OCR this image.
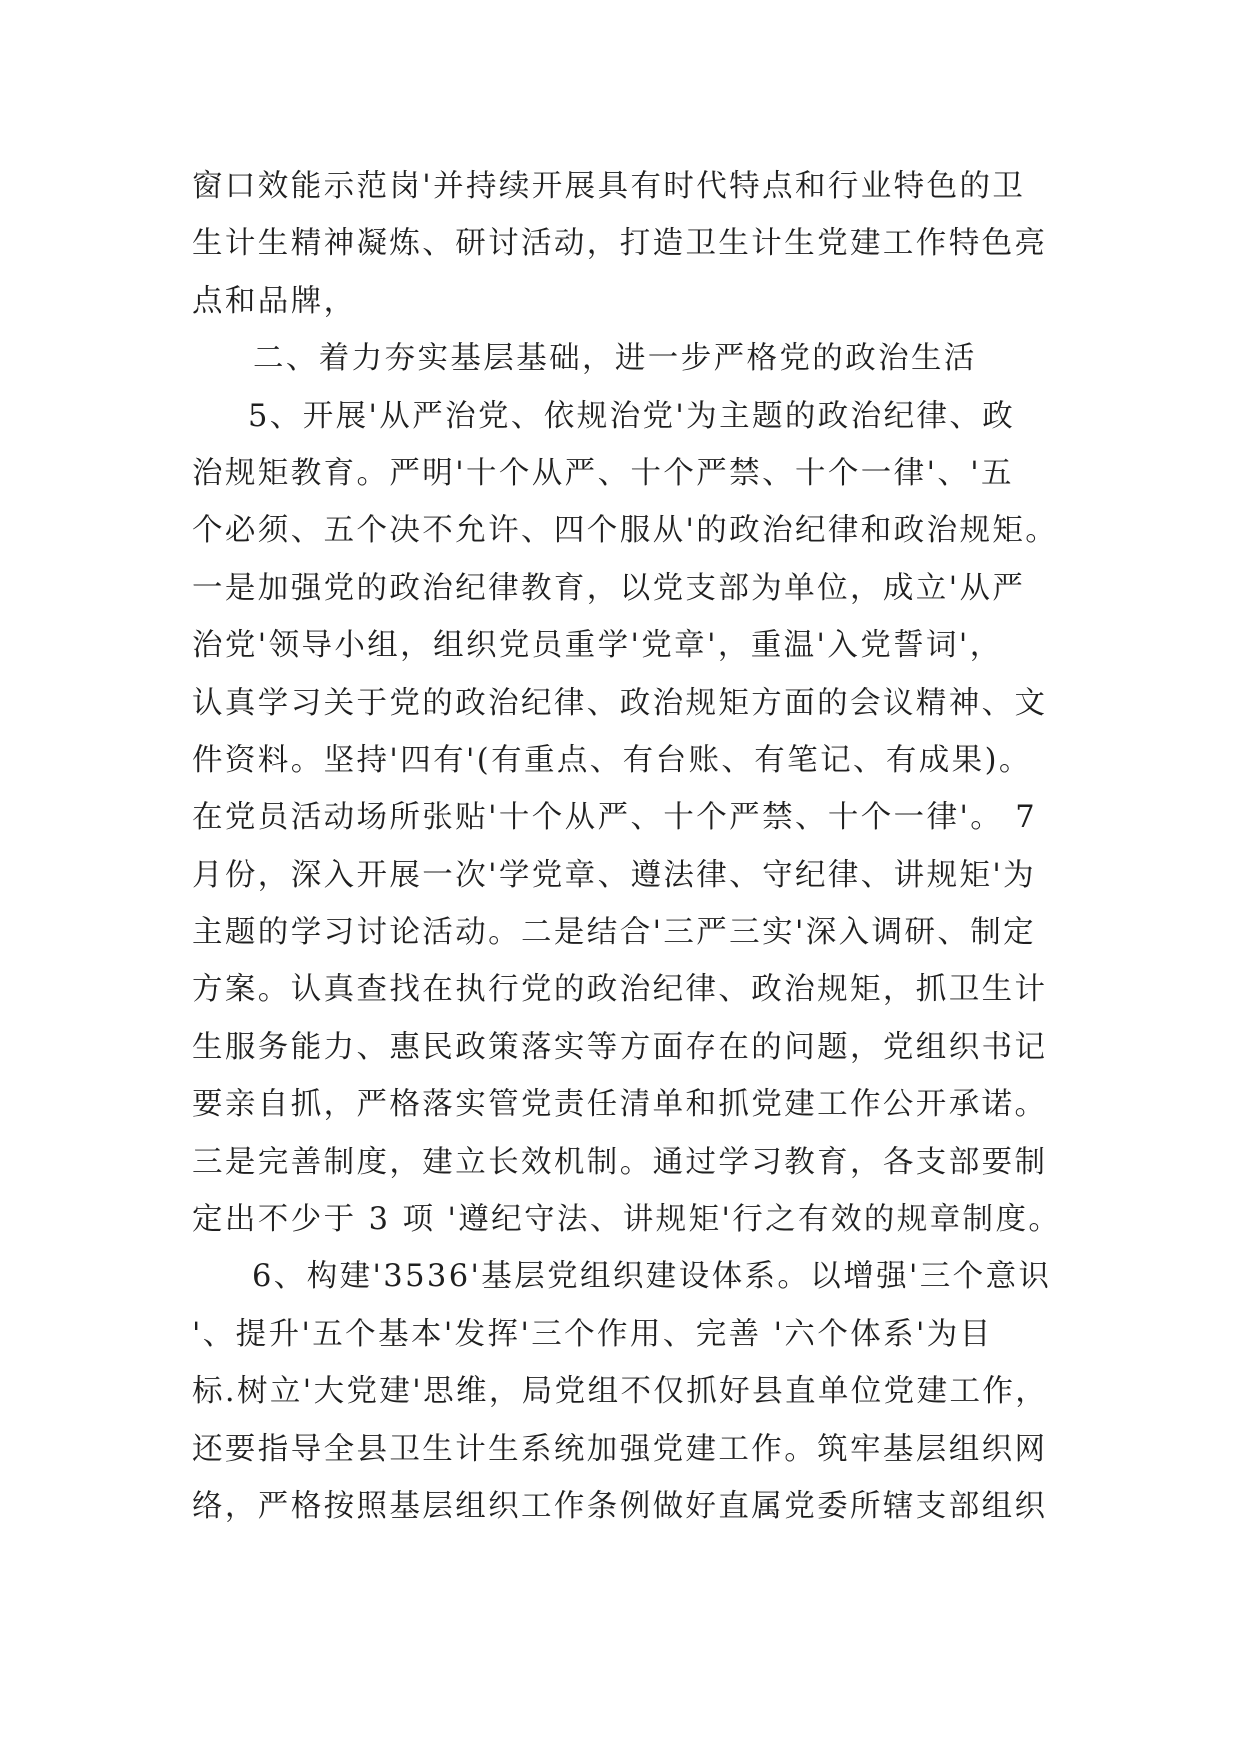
窗口效能示范岗'并持续开展具有时代特点和行业特色的卫
生计生精神凝炼、研讨活动，打造卫生计生党建工作特色亮
点和品牌，
二、着力夯实基层基础，进一步严格党的政治生活
5、开展'从严治党、依规治党'为主题的政治纪律、政
治规矩教育。严明'十个从严、十个严禁、十个一律'、'五
个必须、五个决不允许、四个服从'的政治纪律和政治规矩。
一是加强党的政治纪律教育，以党支部为单位，成立'从严
治党'领导小组，组织党员重学'党章'，重温'入党誓词'，
认真学习关于党的政治纪律、政治规矩方面的会议精神、文
件资料。坚持'四有'(有重点、有台账、有笔记、有成果)。
在党员活动场所张贴'十个从严、十个严禁、十个一律'。 7
月份，深入开展一次'学党章、遵法律、守纪律、讲规矩'为
主题的学习讨论活动。二是结合'三严三实'深入调研、制定
方案。认真查找在执行党的政治纪律、政治规矩，抓卫生计
生服务能力、惠民政策落实等方面存在的问题，党组织书记
要亲自抓，严格落实管党责任清单和抓党建工作公开承诺。
三是完善制度，建立长效机制。通过学习教育，各支部要制
定出不少于 3 项 '遵纪守法、讲规矩'行之有效的规章制度。
6、构建'3536'基层党组织建设体系。以增强'三个意识
'、提升'五个基本'发挥'三个作用、完善 '六个体系'为目
标.树立'大党建'思维，局党组不仅抓好县直单位党建工作，
还要指导全县卫生计生系统加强党建工作。筑牢基层组织网
络，严格按照基层组织工作条例做好直属党委所辖支部组织
